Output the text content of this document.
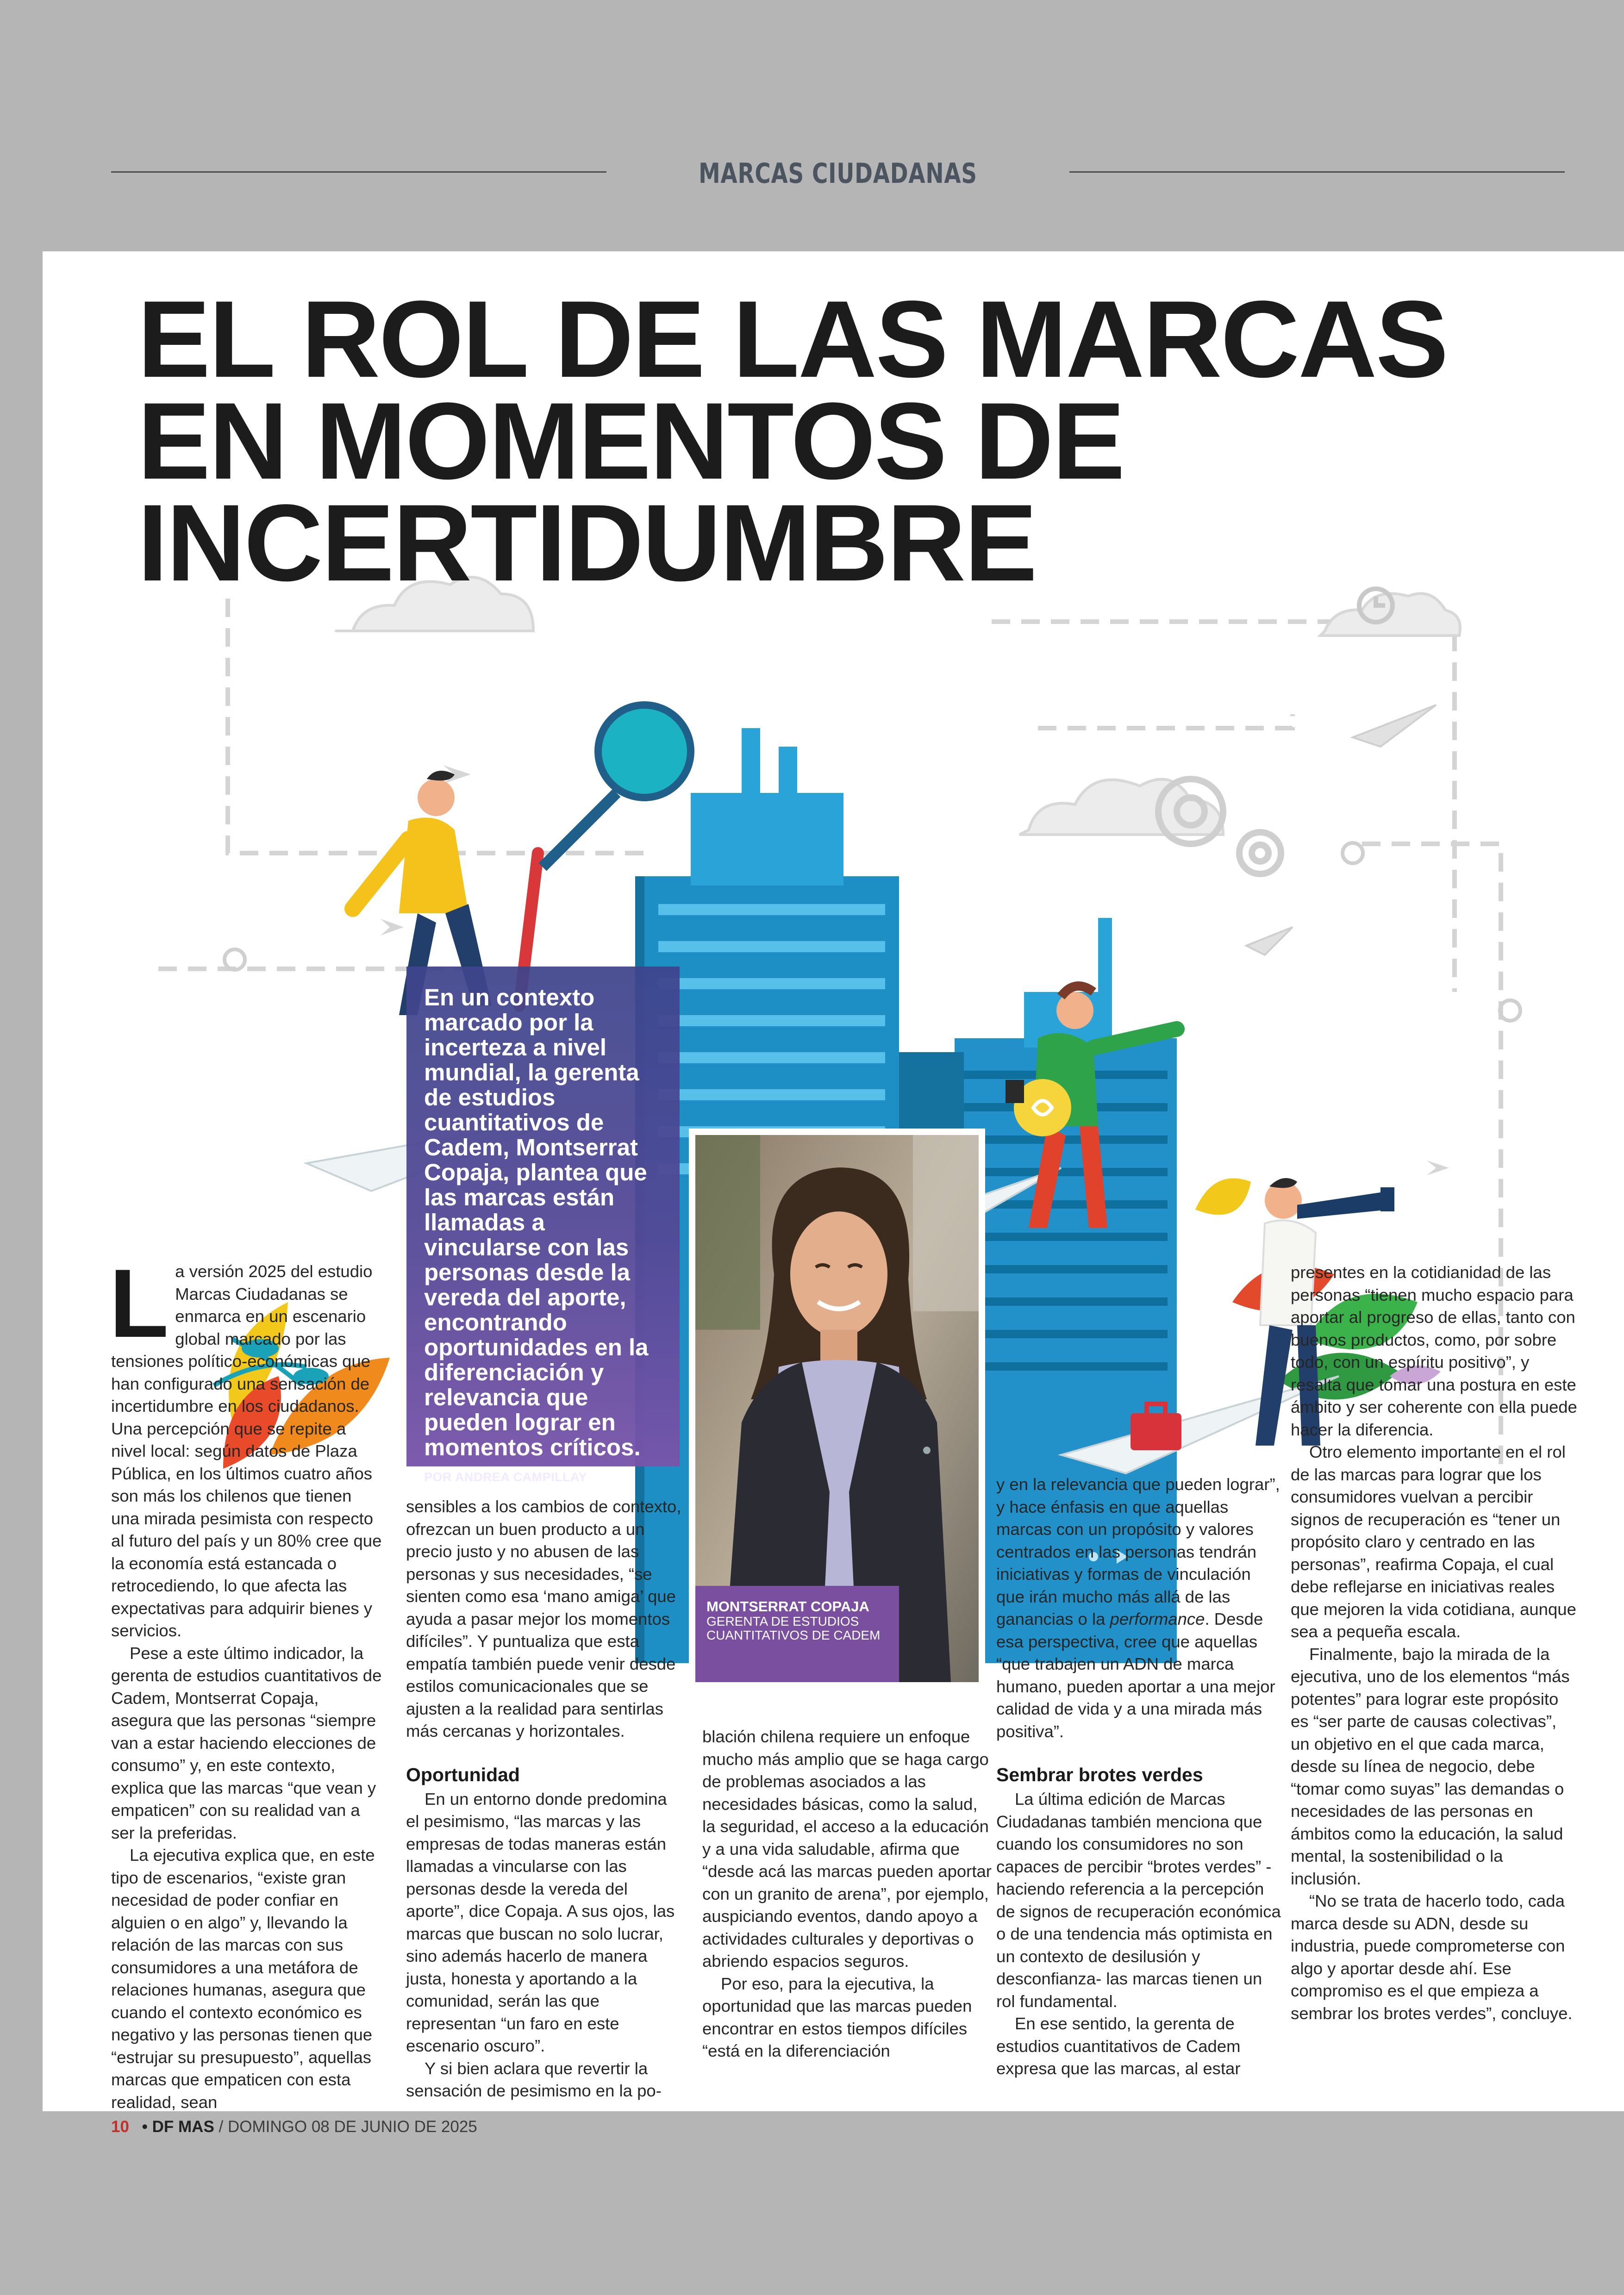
MARCAS CIUDADANAS
EL ROL DE LAS MARCAS
EN MOMENTOS DE
INCERTIDUMBRE
En un contexto marcado por la incerteza a nivel mundial, la gerenta de estudios cuantitativos de Cadem, Montserrat Copaja, plantea que las marcas están llamadas a vincularse con las personas desde la vereda del aporte, encontrando oportunidades en la diferenciación y relevancia que pueden lograr en momentos críticos.
POR ANDREA CAMPILLAY
MONTSERRAT COPAJA
GERENTA DE ESTUDIOS
CUANTITATIVOS DE CADEM

La versión 2025 del estudio Marcas Ciudadanas se enmarca en un escenario global marcado por las tensiones político-económicas que han configurado una sensación de incertidumbre en los ciudadanos. Una percepción que se repite a nivel local: según datos de Plaza Pública, en los últimos cuatro años son más los chilenos que tienen una mirada pesimista con respecto al futuro del país y un 80% cree que la economía está estancada o retrocediendo, lo que afecta las expectativas para adquirir bienes y servicios.

Pese a este último indicador, la gerenta de estudios cuantitativos de Cadem, Montserrat Copaja, asegura que las personas “siempre van a estar haciendo elecciones de consumo” y, en este contexto, explica que las marcas “que vean y empaticen” con su realidad van a ser la preferidas.

La ejecutiva explica que, en este tipo de escenarios, “existe gran necesidad de poder confiar en alguien o en algo” y, llevando la relación de las marcas con sus consumidores a una metáfora de relaciones humanas, asegura que cuando el contexto económico es negativo y las personas tienen que “estrujar su presupuesto”, aquellas marcas que empaticen con esta realidad, sean

sensibles a los cambios de contexto, ofrezcan un buen producto a un precio justo y no abusen de las personas y sus necesidades, “se sienten como esa ‘mano amiga’ que ayuda a pasar mejor los momentos difíciles”. Y puntualiza que esta empatía también puede venir desde estilos comunicacionales que se ajusten a la realidad para sentirlas más cercanas y horizontales.

Oportunidad

En un entorno donde predomina el pesimismo, “las marcas y las empresas de todas maneras están llamadas a vincularse con las personas desde la vereda del aporte”, dice Copaja. A sus ojos, las marcas que buscan no solo lucrar, sino además hacerlo de manera justa, honesta y aportando a la comunidad, serán las que representan “un faro en este escenario oscuro”.

Y si bien aclara que revertir la sensación de pesimismo en la po-

blación chilena requiere un enfoque mucho más amplio que se haga cargo de problemas asociados a las necesidades básicas, como la salud, la seguridad, el acceso a la educación y a una vida saludable, afirma que “desde acá las marcas pueden aportar con un granito de arena”, por ejemplo, auspiciando eventos, dando apoyo a actividades culturales y deportivas o abriendo espacios seguros.

Por eso, para la ejecutiva, la oportunidad que las marcas pueden encontrar en estos tiempos difíciles “está en la diferenciación

y en la relevancia que pueden lograr”, y hace énfasis en que aquellas marcas con un propósito y valores centrados en las personas tendrán iniciativas y formas de vinculación que irán mucho más allá de las ganancias o la performance. Desde esa perspectiva, cree que aquellas “que trabajen un ADN de marca humano, pueden aportar a una mejor calidad de vida y a una mirada más positiva”.

Sembrar brotes verdes

La última edición de Marcas Ciudadanas también menciona que cuando los consumidores no son capaces de percibir “brotes verdes” -haciendo referencia a la percepción de signos de recuperación económica o de una tendencia más optimista en un contexto de desilusión y desconfianza- las marcas tienen un rol fundamental.

En ese sentido, la gerenta de estudios cuantitativos de Cadem expresa que las marcas, al estar

presentes en la cotidianidad de las personas “tienen mucho espacio para aportar al progreso de ellas, tanto con buenos productos, como, por sobre todo, con un espíritu positivo”, y resalta que tomar una postura en este ámbito y ser coherente con ella puede hacer la diferencia.

Otro elemento importante en el rol de las marcas para lograr que los consumidores vuelvan a percibir signos de recuperación es “tener un propósito claro y centrado en las personas”, reafirma Copaja, el cual debe reflejarse en iniciativas reales que mejoren la vida cotidiana, aunque sea a pequeña escala.

Finalmente, bajo la mirada de la ejecutiva, uno de los elementos “más potentes” para lograr este propósito es “ser parte de causas colectivas”, un objetivo en el que cada marca, desde su línea de negocio, debe “tomar como suyas” las demandas o necesidades de las personas en ámbitos como la educación, la salud mental, la sostenibilidad o la inclusión.

“No se trata de hacerlo todo, cada marca desde su ADN, desde su industria, puede comprometerse con algo y aportar desde ahí. Ese compromiso es el que empieza a sembrar los brotes verdes”, concluye.

10 • DF MAS / DOMINGO 08 DE JUNIO DE 2025
